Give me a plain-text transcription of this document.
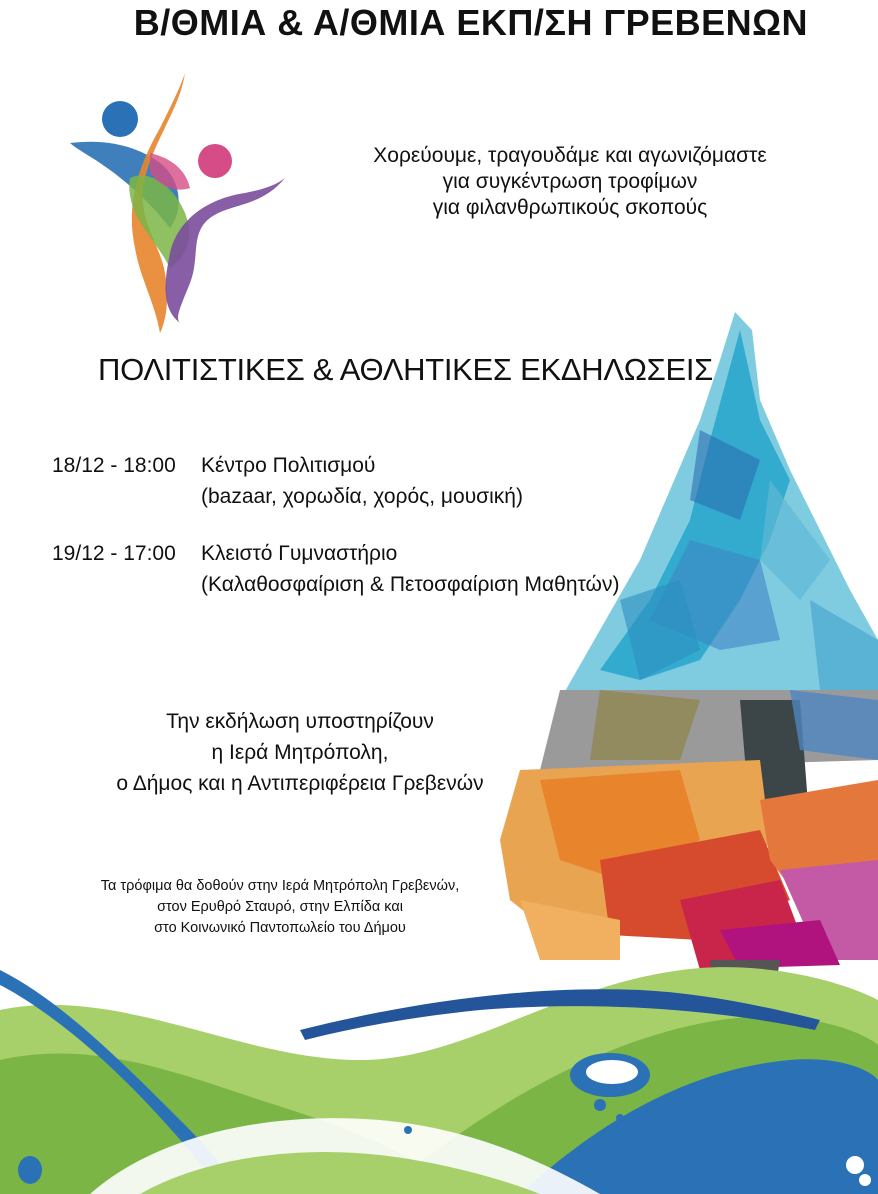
Β/ΘΜΙΑ & Α/ΘΜΙΑ ΕΚΠ/ΣΗ ΓΡΕΒΕΝΩΝ
Χορεύουμε, τραγουδάμε και αγωνιζόμαστε
για συγκέντρωση τροφίμων
για φιλανθρωπικούς σκοπούς
ΠΟΛΙΤΙΣΤΙΚΕΣ & ΑΘΛΗΤΙΚΕΣ ΕΚΔΗΛΩΣΕΙΣ
18/12 - 18:00 Κέντρο Πολιτισμού
(bazaar, χορωδία, χορός, μουσική)
19/12 - 17:00 Κλειστό Γυμναστήριο
(Καλαθοσφαίριση & Πετοσφαίριση Μαθητών)
Την εκδήλωση υποστηρίζουν
η Ιερά Μητρόπολη,
ο Δήμος και η Αντιπεριφέρεια Γρεβενών
Τα τρόφιμα θα δοθούν στην Ιερά Μητρόπολη Γρεβενών,
στον Ερυθρό Σταυρό, στην Ελπίδα και
στο Κοινωνικό Παντοπωλείο του Δήμου
